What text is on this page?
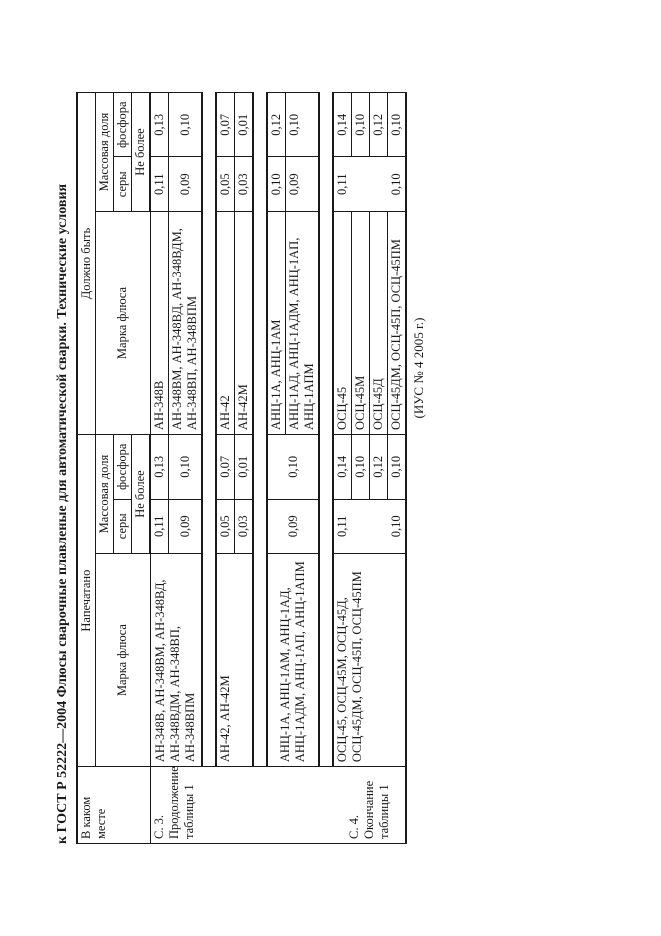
к ГОСТ Р 52222—2004 Флюсы сварочные плавленые для автоматической сварки. Технические условия В каком месте	Напечатано			Должно быть		
	Марка флюса	Массовая доля		Марка флюса	Массовая доля	
		серы	фосфора		серы	фосфора
		Не более			Не более	
С. 3. Продолжение таблицы 1	АН-348В, АН-348ВМ, АН-348ВД, АН-348ВДМ, АН-348ВП, АН-348ВПМ	0,11	0,13	АН-348В	0,11	0,13
		0,09	0,10	АН-348ВМ, АН-348ВД, АН-348ВДМ, АН-348ВП, АН-348ВПМ	0,09	0,10

	АН-42, АН-42М	0,05	0,07	АН-42	0,05	0,07
		0,03	0,01	АН-42М	0,03	0,01

	АНЦ-1А, АНЦ-1АМ, АНЦ-1АД, АНЦ-1АДМ, АНЦ-1АП, АНЦ-1АПМ	0,09	0,10	АНЦ-1А, АНЦ-1АМ	0,10	0,12
				АНЦ-1АД, АНЦ-1АДМ, АНЦ-1АП, АНЦ-1АПМ	0,09	0,10

С. 4. Окончание таблицы 1	ОСЦ-45, ОСЦ-45М, ОСЦ-45Д, ОСЦ-45ДМ, ОСЦ-45П, ОСЦ-45ПМ	0,11	0,14	ОСЦ-45	0,11	0,14
			0,10	ОСЦ-45М		0,10
		0,10	0,12	ОСЦ-45Д	0,10	0,12
			0,10	ОСЦ-45ДМ, ОСЦ-45П, ОСЦ-45ПМ		0,10
(ИУС № 4 2005 г.)
